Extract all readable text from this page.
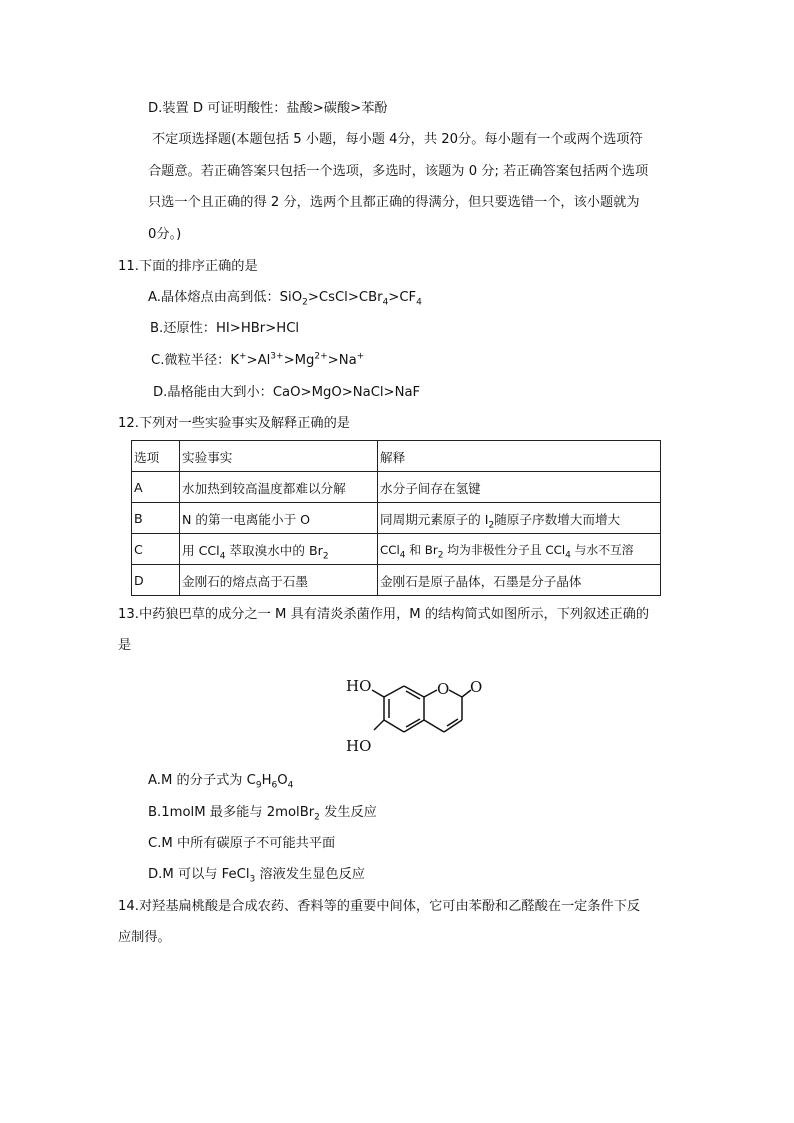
D.装置 D 可证明酸性：盐酸>碳酸>苯酚
不定项选择题(本题包括 5 小题，每小题 4分，共 20分。每小题有一个或两个选项符
合题意。若正确答案只包括一个选项，多选时，该题为 0 分; 若正确答案包括两个选项
只选一个且正确的得 2 分，选两个且都正确的得满分，但只要选错一个，该小题就为
0分。)
11.下面的排序正确的是
A.晶体熔点由高到低：$SiO_2>CsCl>CBr_4>CF_4$
B.还原性：HI>HBr>HCl
C.微粒半径：$K^+>Al^{3+}>Mg^{2+}>Na^+$
D.晶格能由大到小：CaO>MgO>NaCl>NaF
12.下列对一些实验事实及解释正确的是
选项	实验事实	解释
A	水加热到较高温度都难以分解	水分子间存在氢键
B	N 的第一电离能小于 O	同周期元素原子的 $I_2$随原子序数增大而增大
C	用 CCl$_4$ 萃取溴水中的 $Br_2$	CCl$_4$ 和 $Br_2$ 均为非极性分子且 CCl$_4$ 与水不互溶
D	金刚石的熔点高于石墨	金刚石是原子晶体，石墨是分子晶体
13.中药狼巴草的成分之一 M 具有清炎杀菌作用，M 的结构简式如图所示，下列叙述正确的
是
HO
HO
O O
A.M 的分子式为 $C_9H_6O_4$
B.1molM 最多能与 2molBr$_2$ 发生反应
C.M 中所有碳原子不可能共平面
D.M 可以与 FeCl$_3$ 溶液发生显色反应
14.对羟基扁桃酸是合成农药、香料等的重要中间体，它可由苯酚和乙醛酸在一定条件下反
应制得。
